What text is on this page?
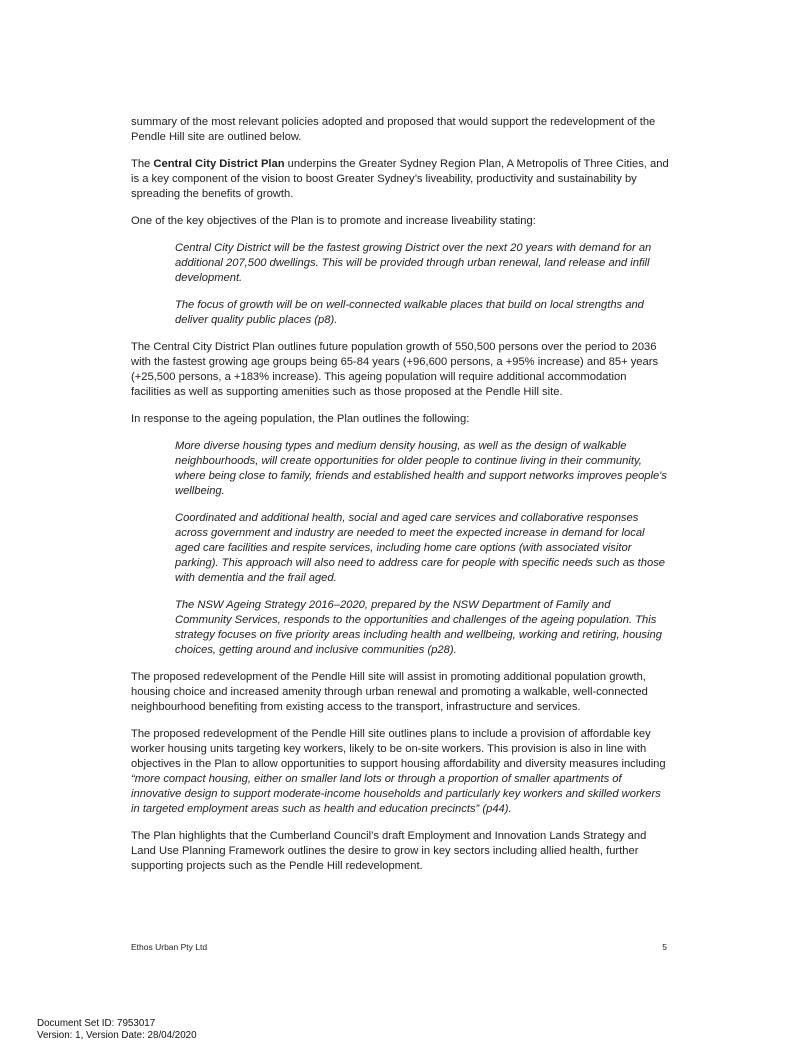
summary of the most relevant policies adopted and proposed that would support the redevelopment of the Pendle Hill site are outlined below.

The Central City District Plan underpins the Greater Sydney Region Plan, A Metropolis of Three Cities, and is a key component of the vision to boost Greater Sydney’s liveability, productivity and sustainability by spreading the benefits of growth.

One of the key objectives of the Plan is to promote and increase liveability stating:

Central City District will be the fastest growing District over the next 20 years with demand for an additional 207,500 dwellings. This will be provided through urban renewal, land release and infill development.

The focus of growth will be on well-connected walkable places that build on local strengths and deliver quality public places (p8).

The Central City District Plan outlines future population growth of 550,500 persons over the period to 2036 with the fastest growing age groups being 65-84 years (+96,600 persons, a +95% increase) and 85+ years (+25,500 persons, a +183% increase). This ageing population will require additional accommodation facilities as well as supporting amenities such as those proposed at the Pendle Hill site.

In response to the ageing population, the Plan outlines the following:

More diverse housing types and medium density housing, as well as the design of walkable neighbourhoods, will create opportunities for older people to continue living in their community, where being close to family, friends and established health and support networks improves people's wellbeing.

Coordinated and additional health, social and aged care services and collaborative responses across government and industry are needed to meet the expected increase in demand for local aged care facilities and respite services, including home care options (with associated visitor parking). This approach will also need to address care for people with specific needs such as those with dementia and the frail aged.

The NSW Ageing Strategy 2016–2020, prepared by the NSW Department of Family and Community Services, responds to the opportunities and challenges of the ageing population. This strategy focuses on five priority areas including health and wellbeing, working and retiring, housing choices, getting around and inclusive communities (p28).

The proposed redevelopment of the Pendle Hill site will assist in promoting additional population growth, housing choice and increased amenity through urban renewal and promoting a walkable, well-connected neighbourhood benefiting from existing access to the transport, infrastructure and services.

The proposed redevelopment of the Pendle Hill site outlines plans to include a provision of affordable key worker housing units targeting key workers, likely to be on-site workers. This provision is also in line with objectives in the Plan to allow opportunities to support housing affordability and diversity measures including “more compact housing, either on smaller land lots or through a proportion of smaller apartments of innovative design to support moderate-income households and particularly key workers and skilled workers in targeted employment areas such as health and education precincts” (p44).

The Plan highlights that the Cumberland Council’s draft Employment and Innovation Lands Strategy and Land Use Planning Framework outlines the desire to grow in key sectors including allied health, further supporting projects such as the Pendle Hill redevelopment.

Ethos Urban Pty Ltd	5
Document Set ID: 7953017
Version: 1, Version Date: 28/04/2020
